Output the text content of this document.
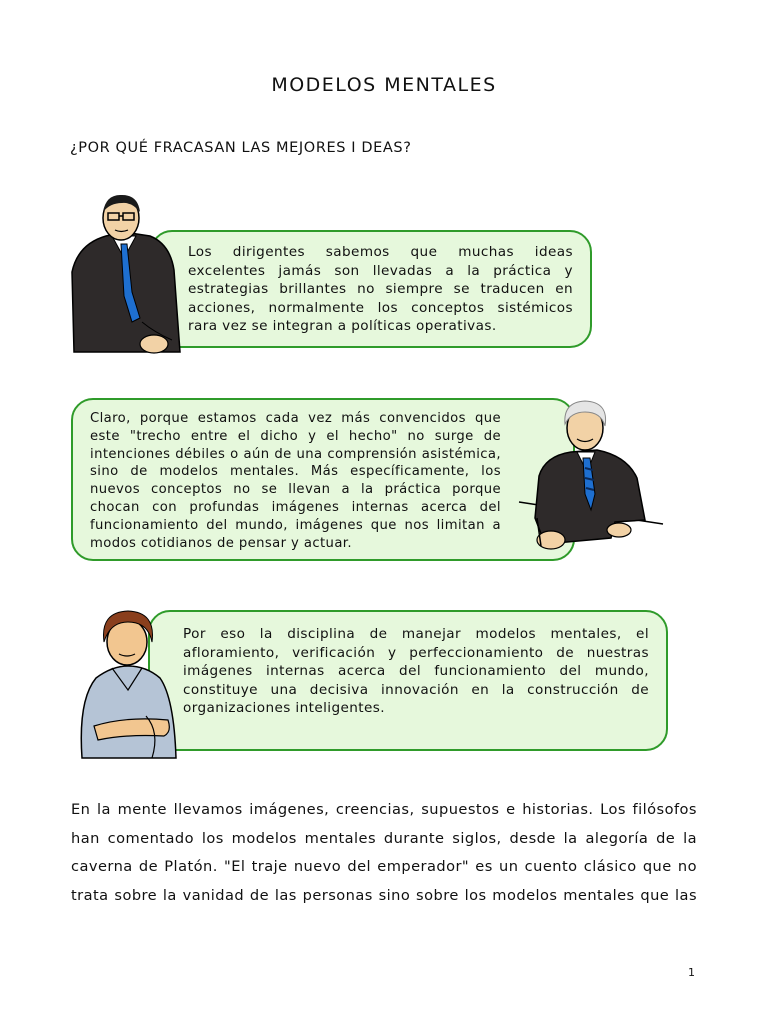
MODELOS MENTALES
¿POR QUÉ FRACASAN LAS MEJORES I DEAS?

Los dirigentes sabemos que muchas ideas excelentes jamás son llevadas a la práctica y estrategias brillantes no siempre se traducen en acciones, normalmente los conceptos sistémicos rara vez se integran a políticas operativas.

Claro, porque estamos cada vez más convencidos que este "trecho entre el dicho y el hecho" no surge de intenciones débiles o aún de una comprensión asistémica, sino de modelos mentales. Más específicamente, los nuevos conceptos no se llevan a la práctica porque chocan con profundas imágenes internas acerca del funcionamiento del mundo, imágenes que nos limitan a modos cotidianos de pensar y actuar.

Por eso la disciplina de manejar modelos mentales, el afloramiento, verificación y perfeccionamiento de nuestras imágenes internas acerca del funcionamiento del mundo, constituye una decisiva innovación en la construcción de organizaciones inteligentes.

En la mente llevamos imágenes, creencias, supuestos e historias. Los filósofos han comentado los modelos mentales durante siglos, desde la alegoría de la caverna de Platón. "El traje nuevo del emperador" es un cuento clásico que no trata sobre la vanidad de las personas sino sobre los modelos mentales que las
1
